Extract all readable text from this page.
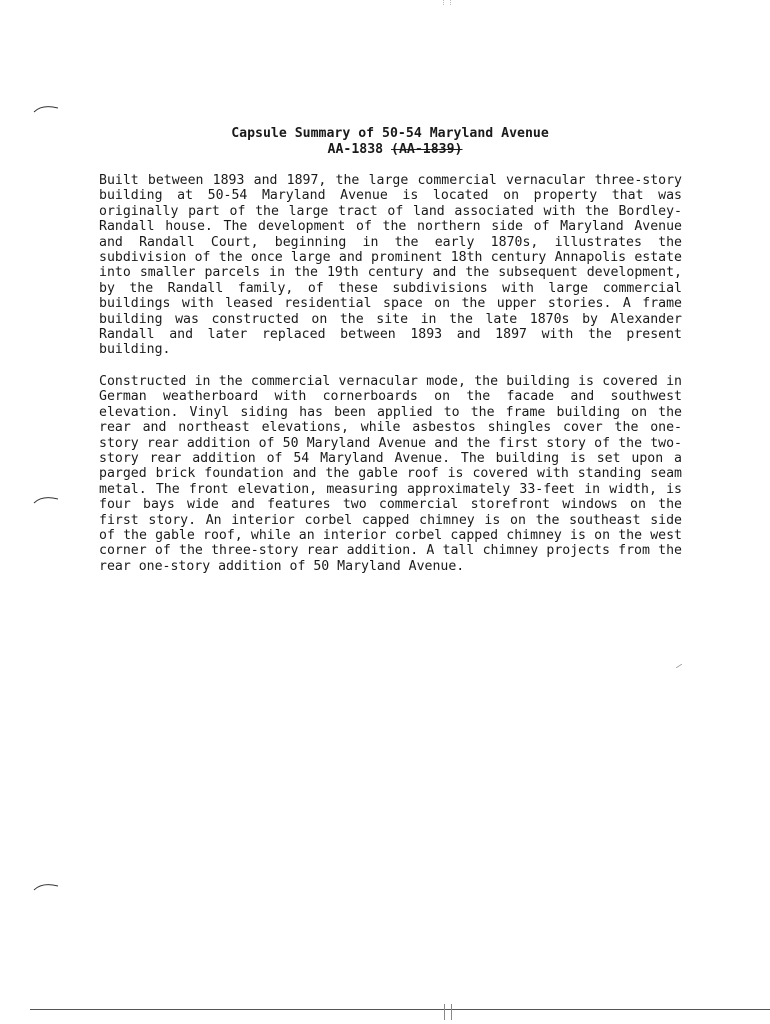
Capsule Summary of 50-54 Maryland Avenue
AA-1838 (AA-1839)

Built between 1893 and 1897, the large commercial vernacular three-story building at 50-54 Maryland Avenue is located on property that was originally part of the large tract of land associated with the Bordley-Randall house. The development of the northern side of Maryland Avenue and Randall Court, beginning in the early 1870s, illustrates the subdivision of the once large and prominent 18th century Annapolis estate into smaller parcels in the 19th century and the subsequent development, by the Randall family, of these subdivisions with large commercial buildings with leased residential space on the upper stories. A frame building was constructed on the site in the late 1870s by Alexander Randall and later replaced between 1893 and 1897 with the present building.

Constructed in the commercial vernacular mode, the building is covered in German weatherboard with cornerboards on the facade and southwest elevation. Vinyl siding has been applied to the frame building on the rear and northeast elevations, while asbestos shingles cover the one-story rear addition of 50 Maryland Avenue and the first story of the two-story rear addition of 54 Maryland Avenue. The building is set upon a parged brick foundation and the gable roof is covered with standing seam metal. The front elevation, measuring approximately 33-feet in width, is four bays wide and features two commercial storefront windows on the first story. An interior corbel capped chimney is on the southeast side of the gable roof, while an interior corbel capped chimney is on the west corner of the three-story rear addition. A tall chimney projects from the rear one-story addition of 50 Maryland Avenue.
